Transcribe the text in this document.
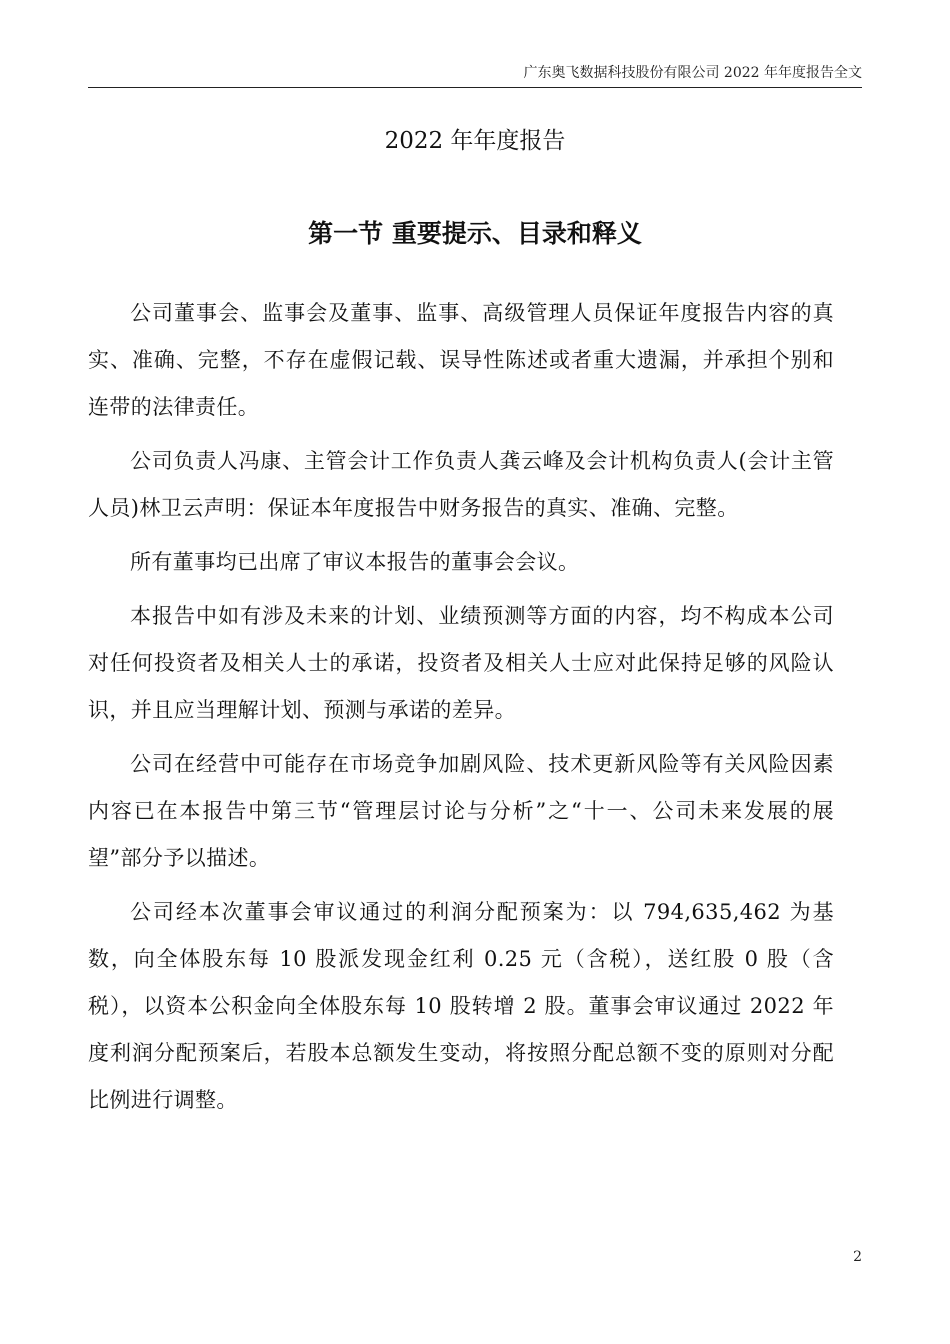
广东奥飞数据科技股份有限公司 2022 年年度报告全文
2022 年年度报告
第一节 重要提示、目录和释义

公司董事会、监事会及董事、监事、高级管理人员保证年度报告内容的真实、准确、完整，不存在虚假记载、误导性陈述或者重大遗漏，并承担个别和连带的法律责任。

公司负责人冯康、主管会计工作负责人龚云峰及会计机构负责人(会计主管人员)林卫云声明：保证本年度报告中财务报告的真实、准确、完整。

所有董事均已出席了审议本报告的董事会会议。

本报告中如有涉及未来的计划、业绩预测等方面的内容，均不构成本公司对任何投资者及相关人士的承诺，投资者及相关人士应对此保持足够的风险认识，并且应当理解计划、预测与承诺的差异。

公司在经营中可能存在市场竞争加剧风险、技术更新风险等有关风险因素内容已在本报告中第三节“管理层讨论与分析”之“十一、公司未来发展的展望”部分予以描述。

公司经本次董事会审议通过的利润分配预案为：以 794,635,462 为基数，向全体股东每 10 股派发现金红利 0.25 元（含税），送红股 0 股（含税），以资本公积金向全体股东每 10 股转增 2 股。董事会审议通过 2022 年度利润分配预案后，若股本总额发生变动，将按照分配总额不变的原则对分配比例进行调整。

2
